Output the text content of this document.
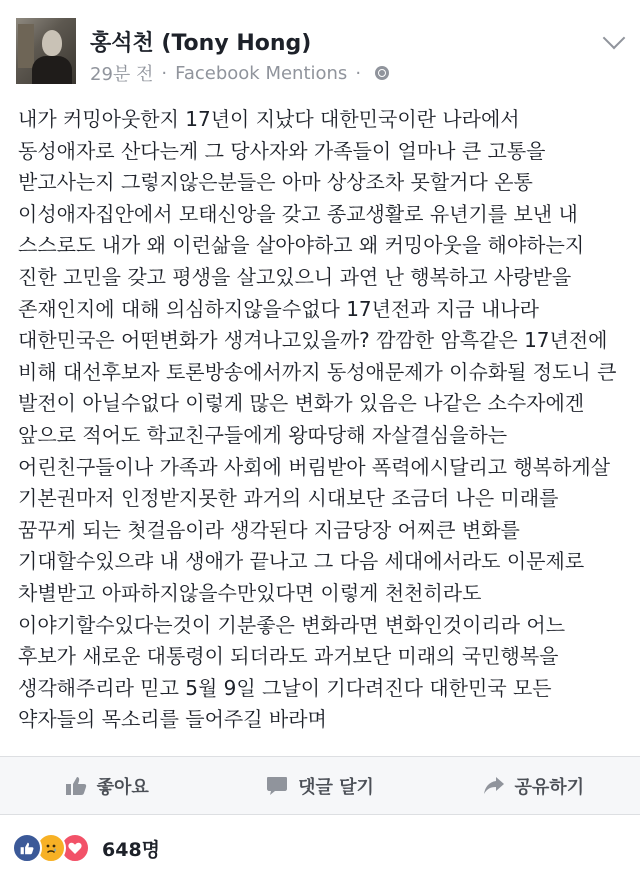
홍석천 (Tony Hong)
29분 전 · Facebook Mentions ·
내가 커밍아웃한지 17년이 지났다 대한민국이란 나라에서 동성애자로 산다는게 그 당사자와 가족들이 얼마나 큰 고통을 받고사는지 그렇지않은분들은 아마 상상조차 못할거다 온통 이성애자집안에서 모태신앙을 갖고 종교생활로 유년기를 보낸 내 스스로도 내가 왜 이런삶을 살아야하고 왜 커밍아웃을 해야하는지 진한 고민을 갖고 평생을 살고있으니 과연 난 행복하고 사랑받을 존재인지에 대해 의심하지않을수없다 17년전과 지금 내나라 대한민국은 어떤변화가 생겨나고있을까? 깜깜한 암흑같은 17년전에 비해 대선후보자 토론방송에서까지 동성애문제가 이슈화될 정도니 큰 발전이 아닐수없다 이렇게 많은 변화가 있음은 나같은 소수자에겐 앞으로 적어도 학교친구들에게 왕따당해 자살결심을하는 어린친구들이나 가족과 사회에 버림받아 폭력에시달리고 행복하게살 기본권마저 인정받지못한 과거의 시대보단 조금더 나은 미래를 꿈꾸게 되는 첫걸음이라 생각된다 지금당장 어찌큰 변화를 기대할수있으랴 내 생애가 끝나고 그 다음 세대에서라도 이문제로 차별받고 아파하지않을수만있다면 이렇게 천천히라도 이야기할수있다는것이 기분좋은 변화라면 변화인것이리라 어느 후보가 새로운 대통령이 되더라도 과거보단 미래의 국민행복을 생각해주리라 믿고 5월 9일 그날이 기다려진다 대한민국 모든 약자들의 목소리를 들어주길 바라며
좋아요	댓글 달기	공유하기
648명
